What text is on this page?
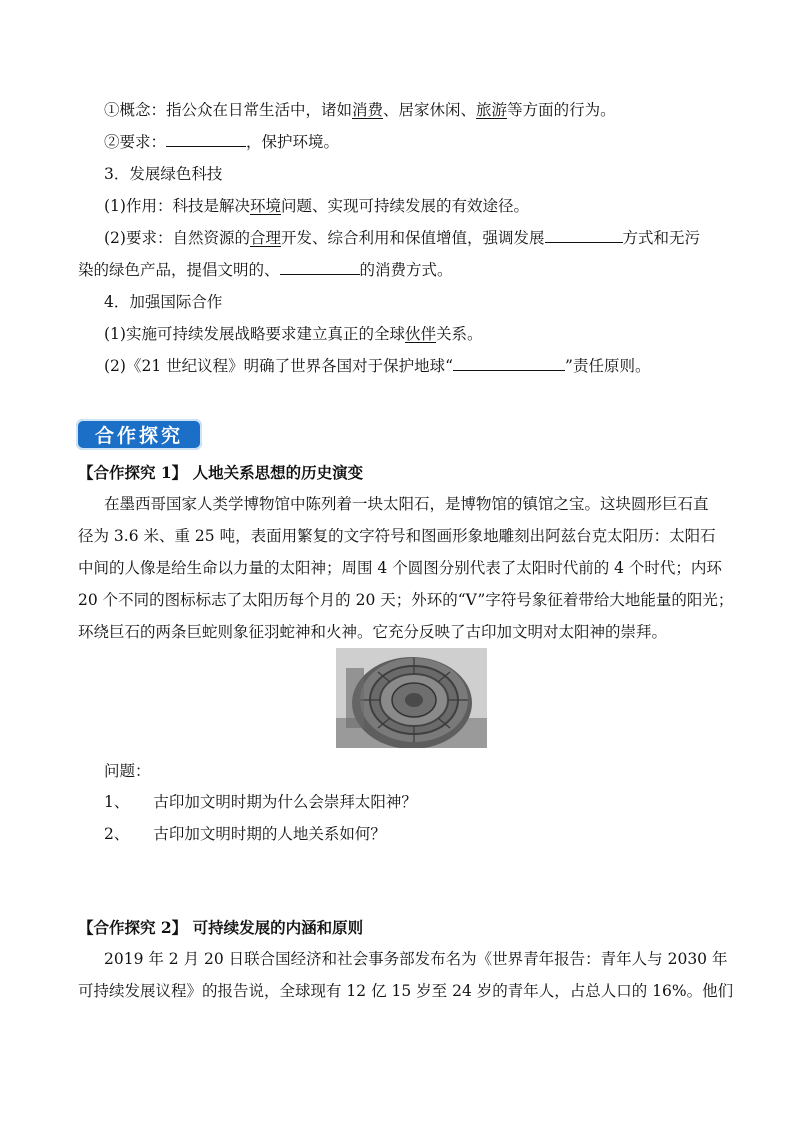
①概念：指公众在日常生活中，诸如消费、居家休闲、旅游等方面的行为。
②要求：	，保护环境。
3．发展绿色科技
(1)作用：科技是解决环境问题、实现可持续发展的有效途径。
(2)要求：自然资源的合理开发、综合利用和保值增值，强调发展	方式和无污
染的绿色产品，提倡文明的、	的消费方式。
4．加强国际合作
(1)实施可持续发展战略要求建立真正的全球伙伴关系。
(2)《21 世纪议程》明确了世界各国对于保护地球“	”责任原则。
合作探究
【合作探究 1】 人地关系思想的历史演变
在墨西哥国家人类学博物馆中陈列着一块太阳石，是博物馆的镇馆之宝。这块圆形巨石直
径为 3.6 米、重 25 吨，表面用繁复的文字符号和图画形象地雕刻出阿兹台克太阳历：太阳石
中间的人像是给生命以力量的太阳神；周围 4 个圆图分别代表了太阳时代前的 4 个时代；内环
20 个不同的图标标志了太阳历每个月的 20 天；外环的“V”字符号象征着带给大地能量的阳光；
环绕巨石的两条巨蛇则象征羽蛇神和火神。它充分反映了古印加文明对太阳神的崇拜。
问题：
1、 古印加文明时期为什么会崇拜太阳神？
2、 古印加文明时期的人地关系如何？
【合作探究 2】 可持续发展的内涵和原则
2019 年 2 月 20 日联合国经济和社会事务部发布名为《世界青年报告：青年人与 2030 年
可持续发展议程》的报告说，全球现有 12 亿 15 岁至 24 岁的青年人，占总人口的 16%。他们
